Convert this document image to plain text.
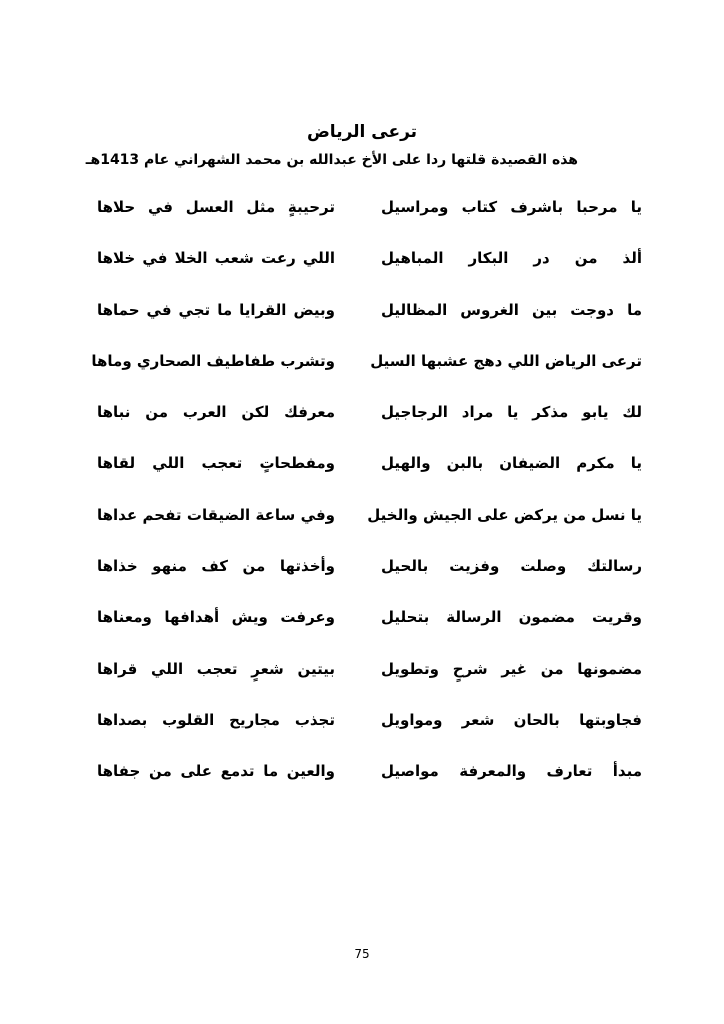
ترعى الرياض
هذه القصيدة قلتها ردا على الأخ عبدالله بن محمد الشهراني عام 1413هـ
يا مرحبا باشرف كتاب ومراسيل
ترحيبةٍ مثل العسل في حلاها
ألذ من در البكار المباهيل
اللي رعت شعب الخلا في خلاها
ما دوجت بين الغروس المظاليل
وبيض القرايا ما تجي في حماها
ترعى الرياض اللي دهج عشبها السيل
وتشرب طفاطيف الصحاري وماها
لك يابو مذكر يا مراد الرجاجيل
معرفك لكن العرب من نباها
يا مكرم الضيفان بالبن والهيل
ومفطحاتٍ تعجب اللي لقاها
يا نسل من يركض على الجيش والخيل
وفي ساعة الضيقات تفحم عداها
رسالتك وصلت وفزيت بالحيل
وأخذتها من كف منهو خذاها
وقريت مضمون الرسالة بتحليل
وعرفت ويش أهدافها ومعناها
مضمونها من غير شرحٍ وتطويل
بيتين شعرٍ تعجب اللي قراها
فجاوبتها بالحان شعر ومواويل
تجذب مجاريح القلوب بصداها
مبدأ تعارف والمعرفة مواصيل
والعين ما تدمع على من جفاها
75
